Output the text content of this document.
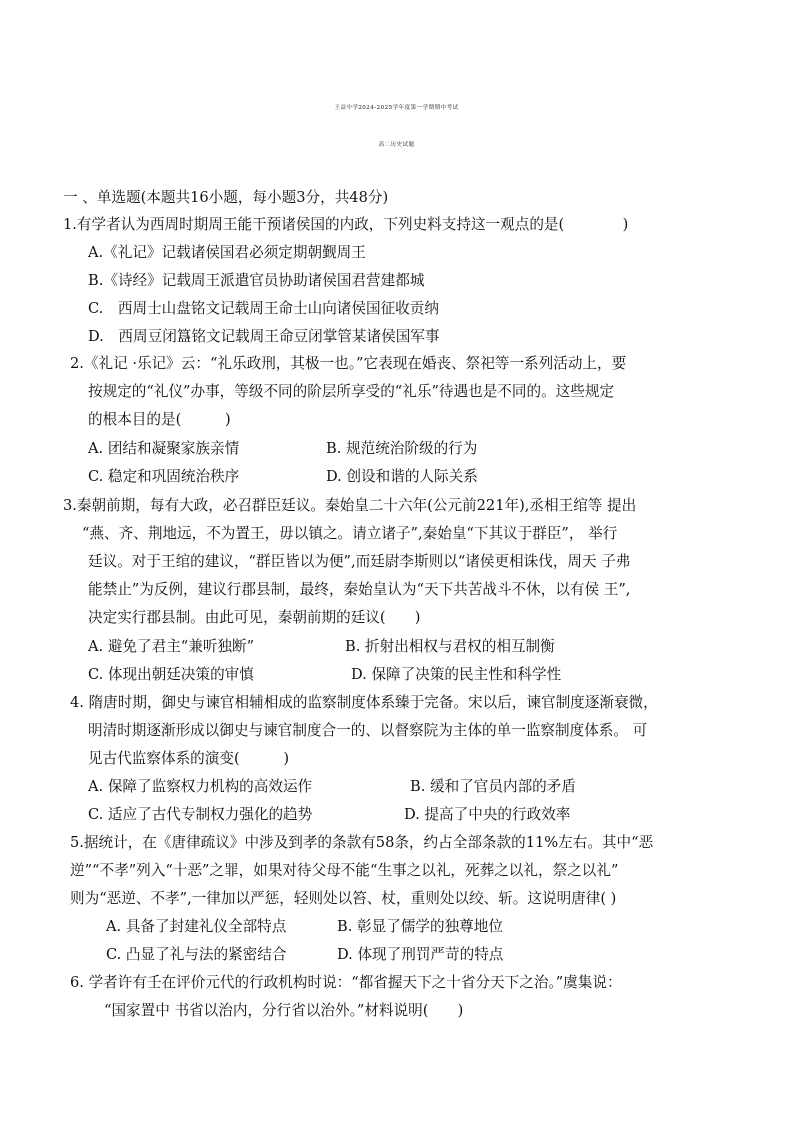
王益中学2024-2025学年度第一学期期中考试
高二历史试题
一 、单选题(本题共16小题，每小题3分，共48分)
1.有学者认为西周时期周王能干预诸侯国的内政，下列史料支持这一观点的是(　　　　)
A.《礼记》记载诸侯国君必须定期朝觐周王
B.《诗经》记载周王派遣官员协助诸侯国君营建都城
C.　西周士山盘铭文记载周王命士山向诸侯国征收贡纳
D.　西周豆闭簋铭文记载周王命豆闭掌管某诸侯国军事
2.《礼记 ·乐记》云：“礼乐政刑，其极一也。”它表现在婚丧、祭祀等一系列活动上，要
按规定的“礼仪”办事，等级不同的阶层所享受的“礼乐”待遇也是不同的。这些规定
的根本目的是(　　　)
A. 团结和凝聚家族亲情	B. 规范统治阶级的行为
C. 稳定和巩固统治秩序	D. 创设和谐的人际关系
3.秦朝前期，每有大政，必召群臣廷议。秦始皇二十六年(公元前221年),丞相王绾等 提出
“燕、齐、荆地远，不为置王，毋以镇之。请立诸子”,秦始皇“下其议于群臣”， 举行
廷议。对于王绾的建议，“群臣皆以为便”,而廷尉李斯则以“诸侯更相诛伐，周天 子弗
能禁止”为反例，建议行郡县制，最终，秦始皇认为“天下共苦战斗不休，以有侯 王”,
决定实行郡县制。由此可见，秦朝前期的廷议(　　)
A. 避免了君主“兼听独断”	B. 折射出相权与君权的相互制衡
C. 体现出朝廷决策的审慎	D. 保障了决策的民主性和科学性
4. 隋唐时期，御史与谏官相辅相成的监察制度体系臻于完备。宋以后，谏官制度逐渐衰微，
明清时期逐渐形成以御史与谏官制度合一的、以督察院为主体的单一监察制度体系。 可
见古代监察体系的演变(　　　)
A. 保障了监察权力机构的高效运作	B. 缓和了官员内部的矛盾
C. 适应了古代专制权力强化的趋势	D. 提高了中央的行政效率
5.据统计，在《唐律疏议》中涉及到孝的条款有58条，约占全部条款的11%左右。其中“恶
逆”“不孝”列入“十恶”之罪，如果对待父母不能“生事之以礼，死葬之以礼，祭之以礼”
则为“恶逆、不孝”,一律加以严惩，轻则处以笞、杖，重则处以绞、斩。这说明唐律( )
A. 具备了封建礼仪全部特点	B. 彰显了儒学的独尊地位
C. 凸显了礼与法的紧密结合	D. 体现了刑罚严苛的特点
6. 学者许有壬在评价元代的行政机构时说：“都省握天下之十省分天下之治。”虞集说：
“国家置中 书省以治内，分行省以治外。”材料说明(　　)
